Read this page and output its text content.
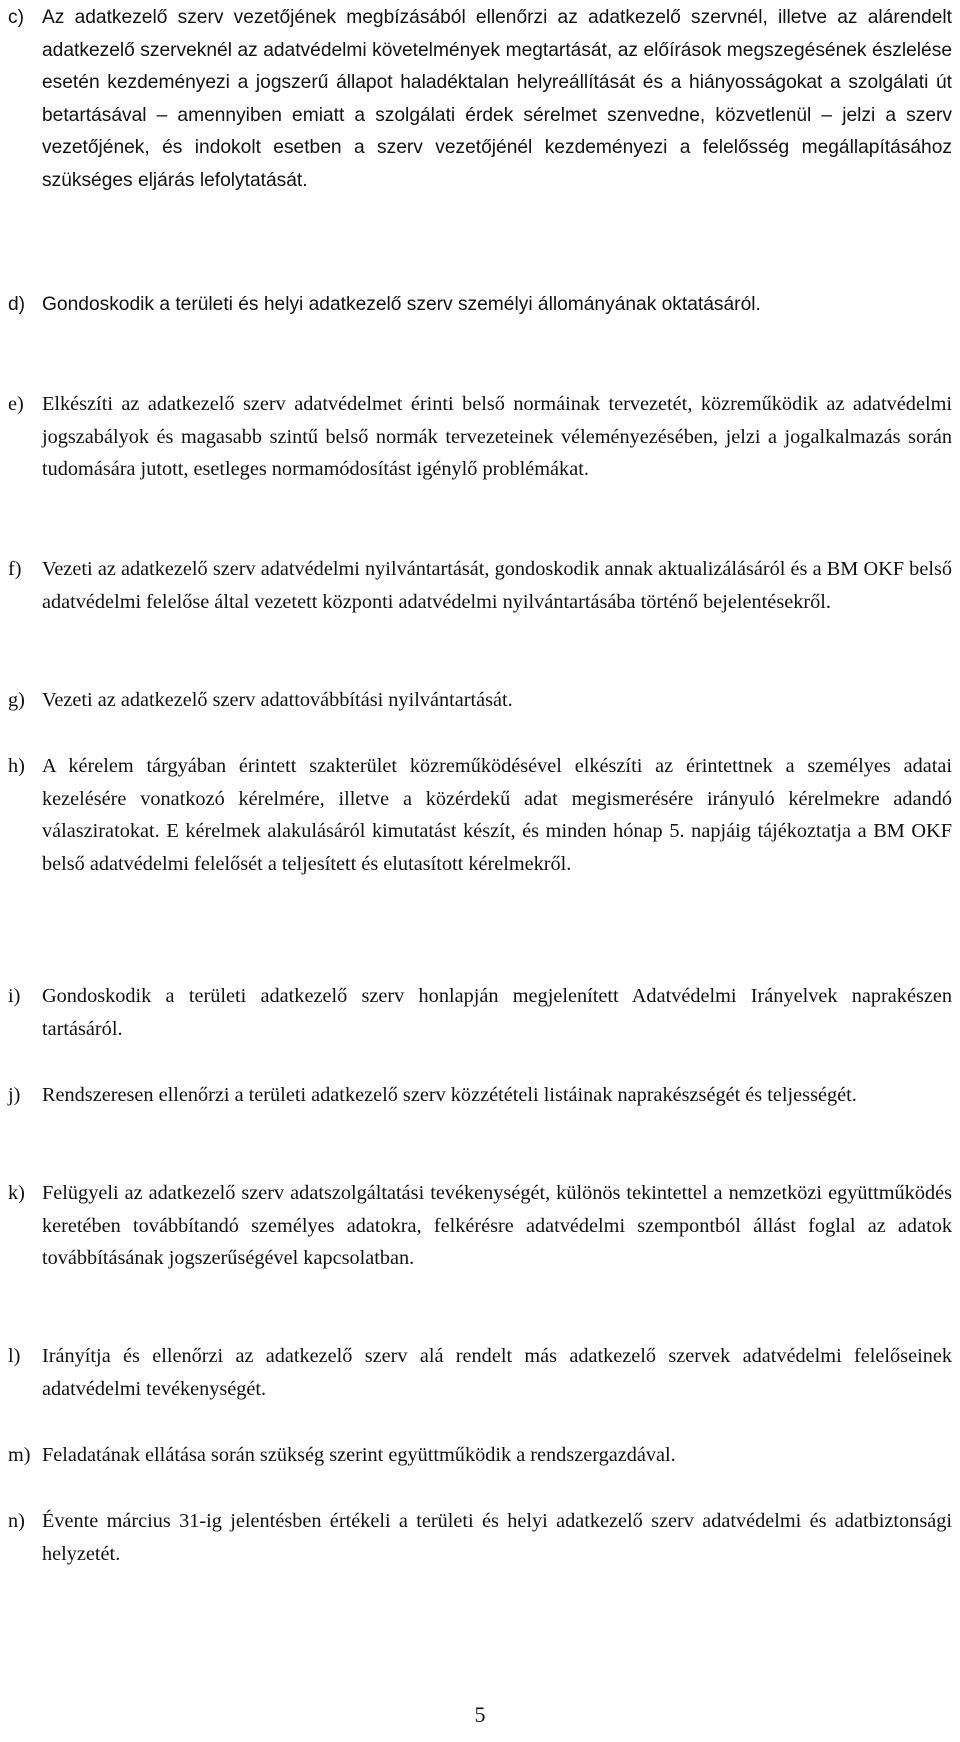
c) Az adatkezelő szerv vezetőjének megbízásából ellenőrzi az adatkezelő szervnél, illetve az alárendelt adatkezelő szerveknél az adatvédelmi követelmények megtartását, az előírások megszegésének észlelése esetén kezdeményezi a jogszerű állapot haladéktalan helyreállítását és a hiányosságokat a szolgálati út betartásával – amennyiben emiatt a szolgálati érdek sérelmet szenvedne, közvetlenül – jelzi a szerv vezetőjének, és indokolt esetben a szerv vezetőjénél kezdeményezi a felelősség megállapításához szükséges eljárás lefolytatását.
d) Gondoskodik a területi és helyi adatkezelő szerv személyi állományának oktatásáról.
e) Elkészíti az adatkezelő szerv adatvédelmet érinti belső normáinak tervezetét, közreműködik az adatvédelmi jogszabályok és magasabb szintű belső normák tervezeteinek véleményezésében, jelzi a jogalkalmazás során tudomására jutott, esetleges normamódosítást igénylő problémákat.
f)	Vezeti az adatkezelő szerv adatvédelmi nyilvántartását, gondoskodik annak aktualizálásáról és a BM OKF belső adatvédelmi felelőse által vezetett központi adatvédelmi nyilvántartásába történő bejelentésekről.
g) Vezeti az adatkezelő szerv adattovábbítási nyilvántartását.
h) A kérelem tárgyában érintett szakterület közreműködésével elkészíti az érintettnek a személyes adatai kezelésére vonatkozó kérelmére, illetve a közérdekű adat megismerésére irányuló kérelmekre adandó válasziratokat. E kérelmek alakulásáról kimutatást készít, és minden hónap 5. napjáig tájékoztatja a BM OKF belső adatvédelmi felelősét a teljesített és elutasított kérelmekről.
i)	Gondoskodik a területi adatkezelő szerv honlapján megjelenített Adatvédelmi Irányelvek naprakészen tartásáról.
j)	Rendszeresen ellenőrzi a területi adatkezelő szerv közzétételi listáinak naprakészségét és teljességét.
k) Felügyeli az adatkezelő szerv adatszolgáltatási tevékenységét, különös tekintettel a nemzetközi együttműködés keretében továbbítandó személyes adatokra, felkérésre adatvédelmi szempontból állást foglal az adatok továbbításának jogszerűségével kapcsolatban.
l)	Irányítja és ellenőrzi az adatkezelő szerv alá rendelt más adatkezelő szervek adatvédelmi felelőseinek adatvédelmi tevékenységét.
m) Feladatának ellátása során szükség szerint együttműködik a rendszergazdával.
n) Évente március 31-ig jelentésben értékeli a területi és helyi adatkezelő szerv adatvédelmi és adatbiztonsági helyzetét.
5
